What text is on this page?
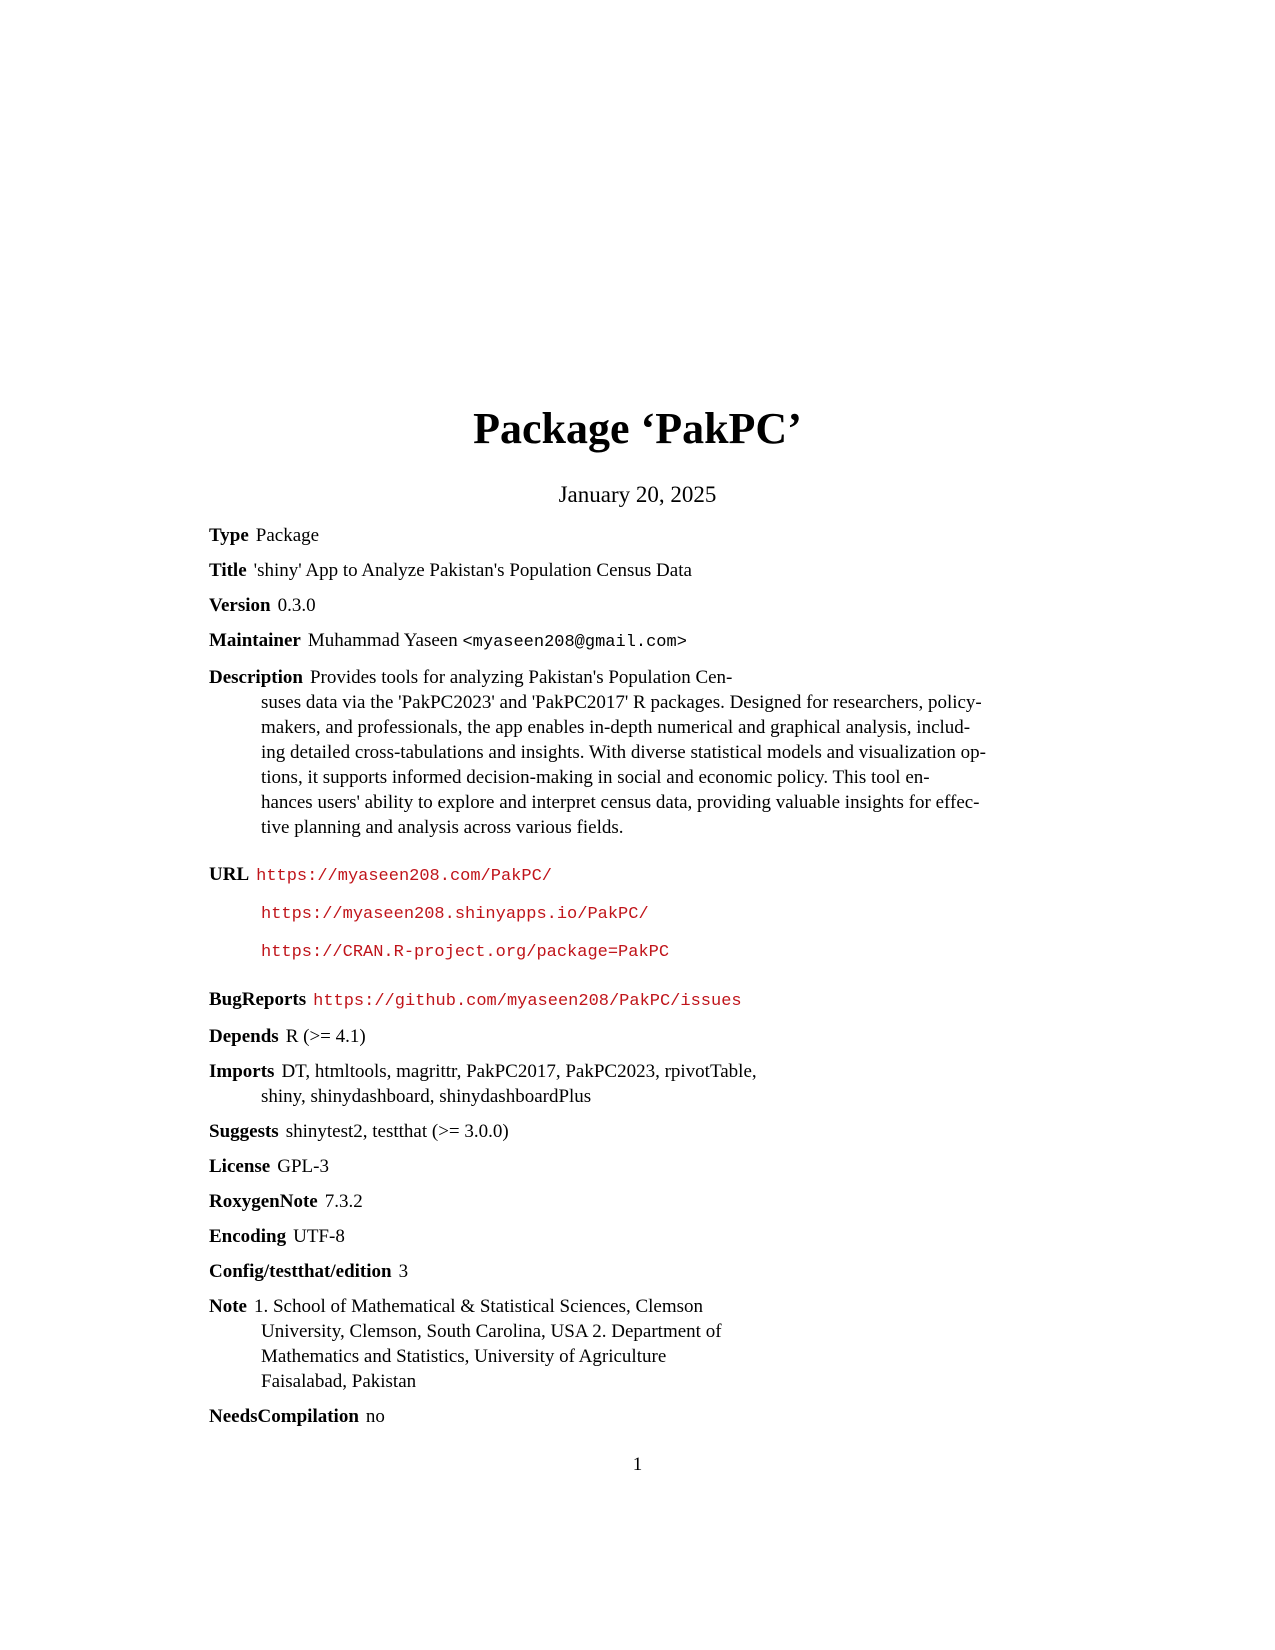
Package ‘PakPC’
January 20, 2025
Type Package
Title 'shiny' App to Analyze Pakistan's Population Census Data
Version 0.3.0
Maintainer Muhammad Yaseen <myaseen208@gmail.com>
Description Provides tools for analyzing Pakistan's Population Cen-
suses data via the 'PakPC2023' and 'PakPC2017' R packages. Designed for researchers, policy-
makers, and professionals, the app enables in-depth numerical and graphical analysis, includ-
ing detailed cross-tabulations and insights. With diverse statistical models and visualization op-
tions, it supports informed decision-making in social and economic policy. This tool en-
hances users' ability to explore and interpret census data, providing valuable insights for effec-
tive planning and analysis across various fields.
URL https://myaseen208.com/PakPC/
https://myaseen208.shinyapps.io/PakPC/
https://CRAN.R-project.org/package=PakPC
BugReports https://github.com/myaseen208/PakPC/issues
Depends R (>= 4.1)
Imports DT, htmltools, magrittr, PakPC2017, PakPC2023, rpivotTable,
shiny, shinydashboard, shinydashboardPlus
Suggests shinytest2, testthat (>= 3.0.0)
License GPL-3
RoxygenNote 7.3.2
Encoding UTF-8
Config/testthat/edition 3
Note 1. School of Mathematical & Statistical Sciences, Clemson
University, Clemson, South Carolina, USA 2. Department of
Mathematics and Statistics, University of Agriculture
Faisalabad, Pakistan
NeedsCompilation no
1
